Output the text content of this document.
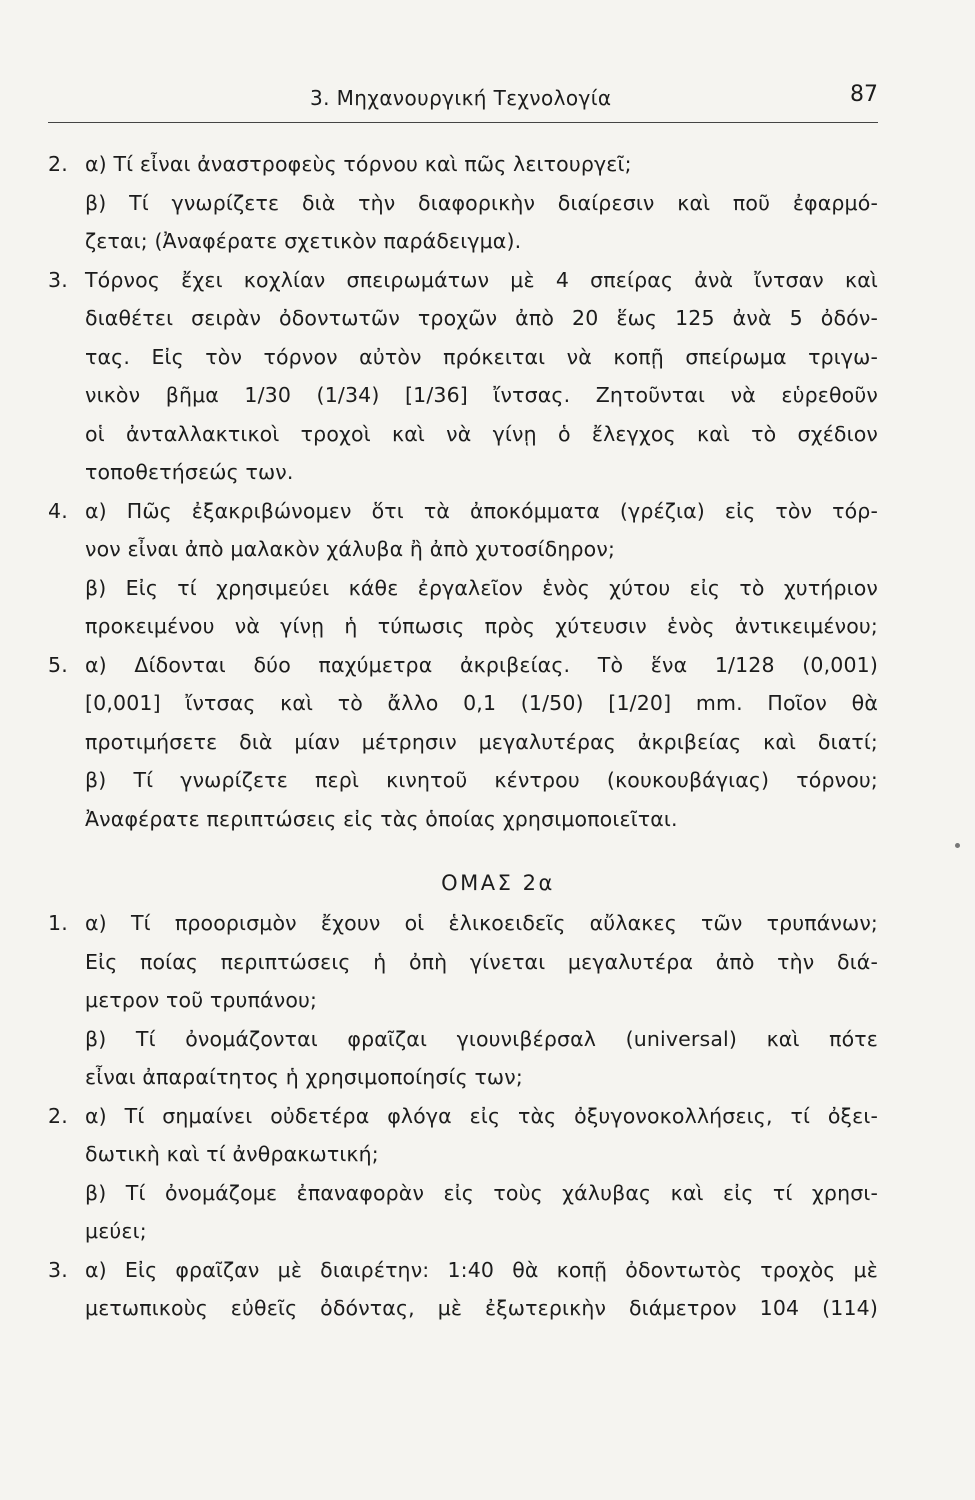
3. Μηχανουργική Τεχνολογία	87
2. α) Τί εἶναι ἀναστροφεὺς τόρνου καὶ πῶς λειτουργεῖ;
β) Τί γνωρίζετε διὰ τὴν διαφορικὴν διαίρεσιν καὶ ποῦ ἐφαρμό-
ζεται; (Ἀναφέρατε σχετικὸν παράδειγμα).
3. Τόρνος ἔχει κοχλίαν σπειρωμάτων μὲ 4 σπείρας ἀνὰ ἴντσαν καὶ
διαθέτει σειρὰν ὀδοντωτῶν τροχῶν ἀπὸ 20 ἕως 125 ἀνὰ 5 ὀδόν-
τας. Εἰς τὸν τόρνον αὐτὸν πρόκειται νὰ κοπῇ σπείρωμα τριγω-
νικὸν βῆμα 1/30 (1/34) [1/36] ἴντσας. Ζητοῦνται νὰ εὑρεθοῦν
οἱ ἀνταλλακτικοὶ τροχοὶ καὶ νὰ γίνῃ ὁ ἔλεγχος καὶ τὸ σχέδιον
τοποθετήσεώς των.
4. α) Πῶς ἐξακριβώνομεν ὅτι τὰ ἀποκόμματα (γρέζια) εἰς τὸν τόρ-
νον εἶναι ἀπὸ μαλακὸν χάλυβα ἢ ἀπὸ χυτοσίδηρον;
β) Εἰς τί χρησιμεύει κάθε ἐργαλεῖον ἑνὸς χύτου εἰς τὸ χυτήριον
προκειμένου νὰ γίνῃ ἡ τύπωσις πρὸς χύτευσιν ἑνὸς ἀντικειμένου;
5. α) Δίδονται δύο παχύμετρα ἀκριβείας. Τὸ ἕνα 1/128 (0,001)
[0,001] ἴντσας καὶ τὸ ἄλλο 0,1 (1/50) [1/20] mm. Ποῖον θὰ
προτιμήσετε διὰ μίαν μέτρησιν μεγαλυτέρας ἀκριβείας καὶ διατί;
β) Τί γνωρίζετε περὶ κινητοῦ κέντρου (κουκουβάγιας) τόρνου;
Ἀναφέρατε περιπτώσεις εἰς τὰς ὁποίας χρησιμοποιεῖται.
ΟΜΑΣ 2α
1. α) Τί προορισμὸν ἔχουν οἱ ἑλικοειδεῖς αὔλακες τῶν τρυπάνων;
Εἰς ποίας περιπτώσεις ἡ ὀπὴ γίνεται μεγαλυτέρα ἀπὸ τὴν διά-
μετρον τοῦ τρυπάνου;
β) Τί ὀνομάζονται φραῖζαι γιουνιβέρσαλ (universal) καὶ πότε
εἶναι ἀπαραίτητος ἡ χρησιμοποίησίς των;
2. α) Τί σημαίνει οὐδετέρα φλόγα εἰς τὰς ὀξυγονοκολλήσεις, τί ὀξει-
δωτικὴ καὶ τί ἀνθρακωτική;
β) Τί ὀνομάζομε ἐπαναφορὰν εἰς τοὺς χάλυβας καὶ εἰς τί χρησι-
μεύει;
3. α) Εἰς φραῖζαν μὲ διαιρέτην: 1:40 θὰ κοπῇ ὀδοντωτὸς τροχὸς μὲ
μετωπικοὺς εὐθεῖς ὀδόντας, μὲ ἐξωτερικὴν διάμετρον 104 (114)
